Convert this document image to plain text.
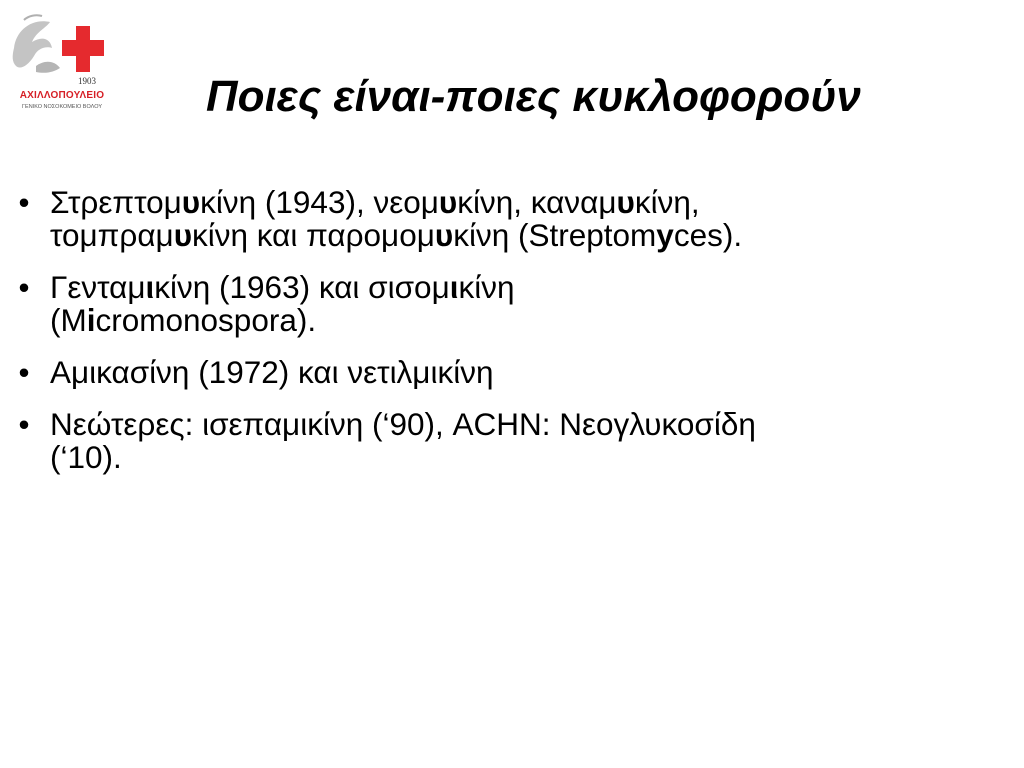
1903
ΑΧΙΛΛΟΠΟΥΛΕΙΟ
ΓΕΝΙΚΟ ΝΟΣΟΚΟΜΕΙΟ ΒΟΛΟΥ	Ποιες είναι-ποιες κυκλοφορούν
• Στρεπτομυκίνη (1943), νεομυκίνη, καναμυκίνη,
τομπραμυκίνη και παρομομυκίνη (Streptomyces).
• Γενταμικίνη (1963) και σισομικίνη
(Micromonospora).
• Αμικασίνη (1972) και νετιλμικίνη
• Νεώτερες: ισεπαμικίνη (‘90), ACHN: Νεογλυκοσίδη
(‘10).
